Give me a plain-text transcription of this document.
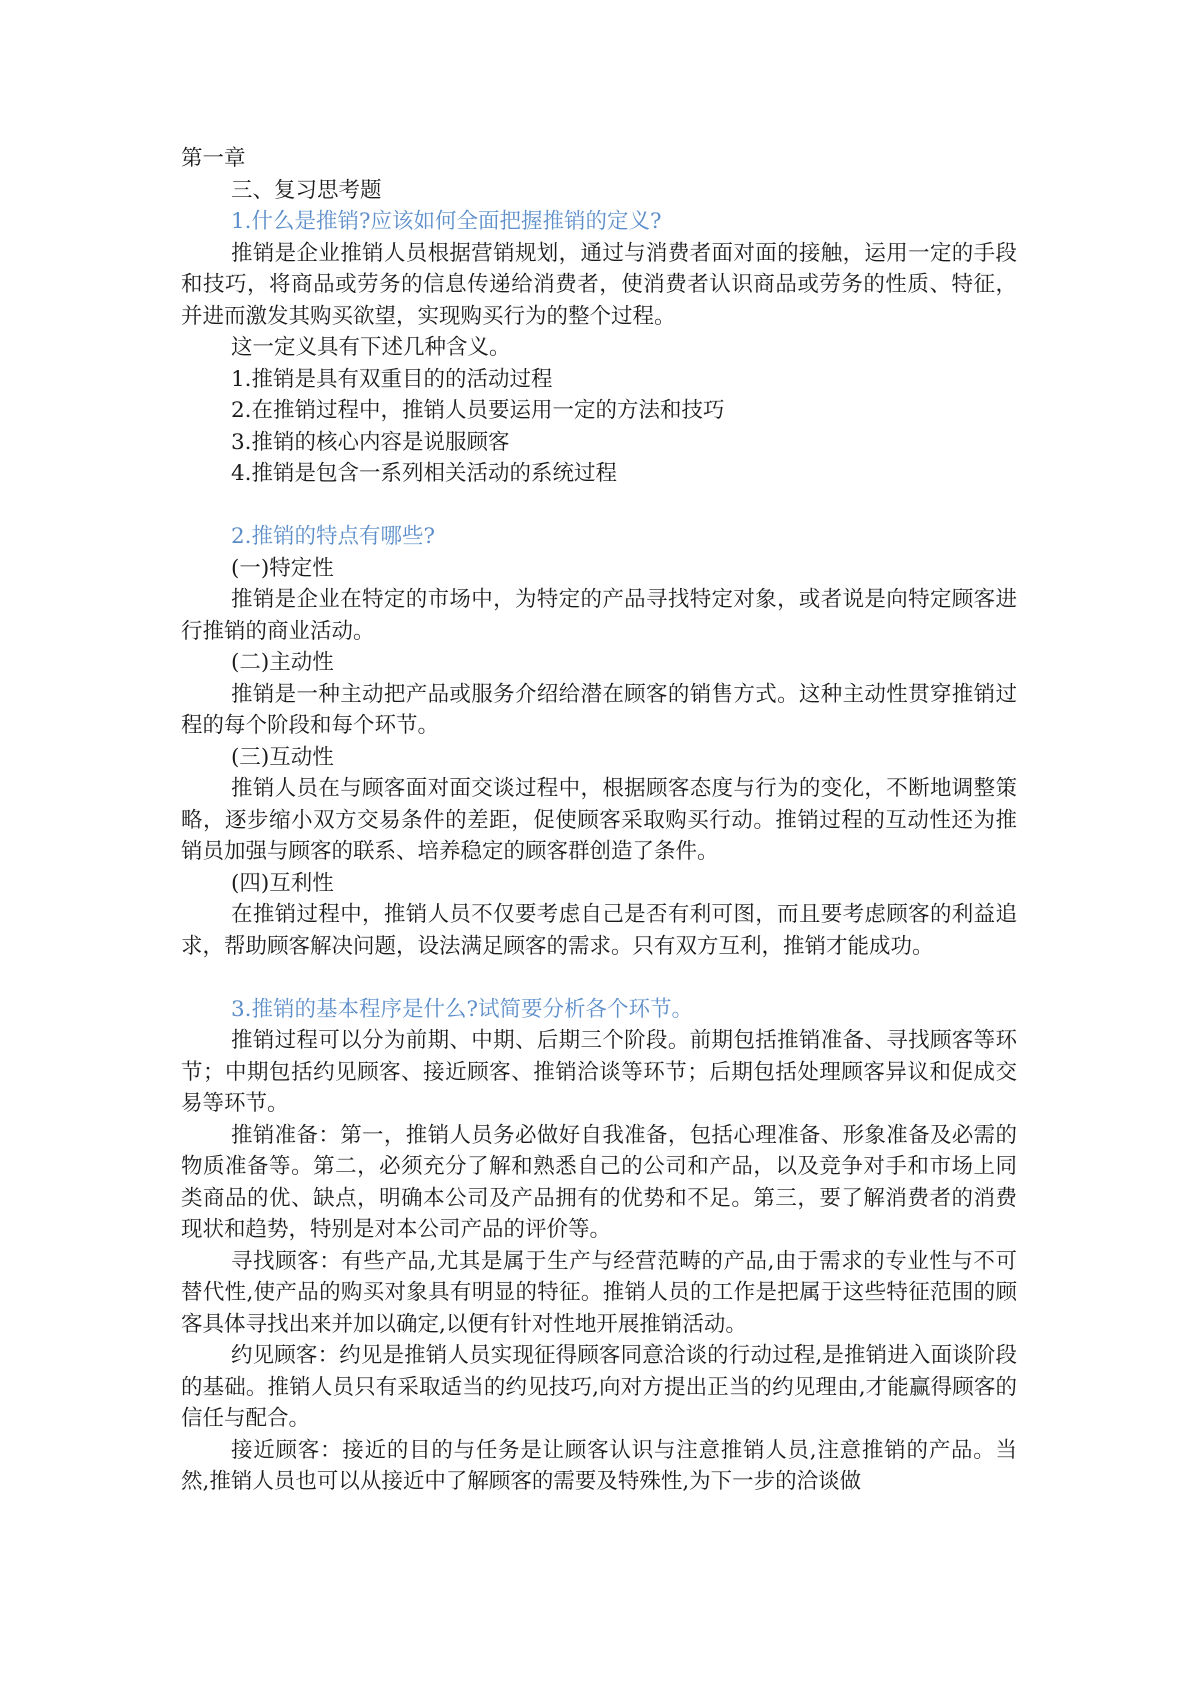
第一章

三、复习思考题

1.什么是推销?应该如何全面把握推销的定义?

推销是企业推销人员根据营销规划，通过与消费者面对面的接触，运用一定的手段和技巧，将商品或劳务的信息传递给消费者，使消费者认识商品或劳务的性质、特征，并进而激发其购买欲望，实现购买行为的整个过程。

这一定义具有下述几种含义。

1.推销是具有双重目的的活动过程

2.在推销过程中，推销人员要运用一定的方法和技巧

3.推销的核心内容是说服顾客

4.推销是包含一系列相关活动的系统过程

2.推销的特点有哪些?

(一)特定性

推销是企业在特定的市场中，为特定的产品寻找特定对象，或者说是向特定顾客进行推销的商业活动。

(二)主动性

推销是一种主动把产品或服务介绍给潜在顾客的销售方式。这种主动性贯穿推销过程的每个阶段和每个环节。

(三)互动性

推销人员在与顾客面对面交谈过程中，根据顾客态度与行为的变化，不断地调整策略，逐步缩小双方交易条件的差距，促使顾客采取购买行动。推销过程的互动性还为推销员加强与顾客的联系、培养稳定的顾客群创造了条件。

(四)互利性

在推销过程中，推销人员不仅要考虑自己是否有利可图，而且要考虑顾客的利益追求，帮助顾客解决问题，设法满足顾客的需求。只有双方互利，推销才能成功。

3.推销的基本程序是什么?试简要分析各个环节。

推销过程可以分为前期、中期、后期三个阶段。前期包括推销准备、寻找顾客等环节；中期包括约见顾客、接近顾客、推销洽谈等环节；后期包括处理顾客异议和促成交易等环节。

推销准备：第一，推销人员务必做好自我准备，包括心理准备、形象准备及必需的物质准备等。第二，必须充分了解和熟悉自己的公司和产品，以及竞争对手和市场上同类商品的优、缺点，明确本公司及产品拥有的优势和不足。第三，要了解消费者的消费现状和趋势，特别是对本公司产品的评价等。

寻找顾客：有些产品,尤其是属于生产与经营范畴的产品,由于需求的专业性与不可替代性,使产品的购买对象具有明显的特征。推销人员的工作是把属于这些特征范围的顾客具体寻找出来并加以确定,以便有针对性地开展推销活动。

约见顾客：约见是推销人员实现征得顾客同意洽谈的行动过程,是推销进入面谈阶段的基础。推销人员只有采取适当的约见技巧,向对方提出正当的约见理由,才能赢得顾客的信任与配合。

接近顾客：接近的目的与任务是让顾客认识与注意推销人员,注意推销的产品。当然,推销人员也可以从接近中了解顾客的需要及特殊性,为下一步的洽谈做
